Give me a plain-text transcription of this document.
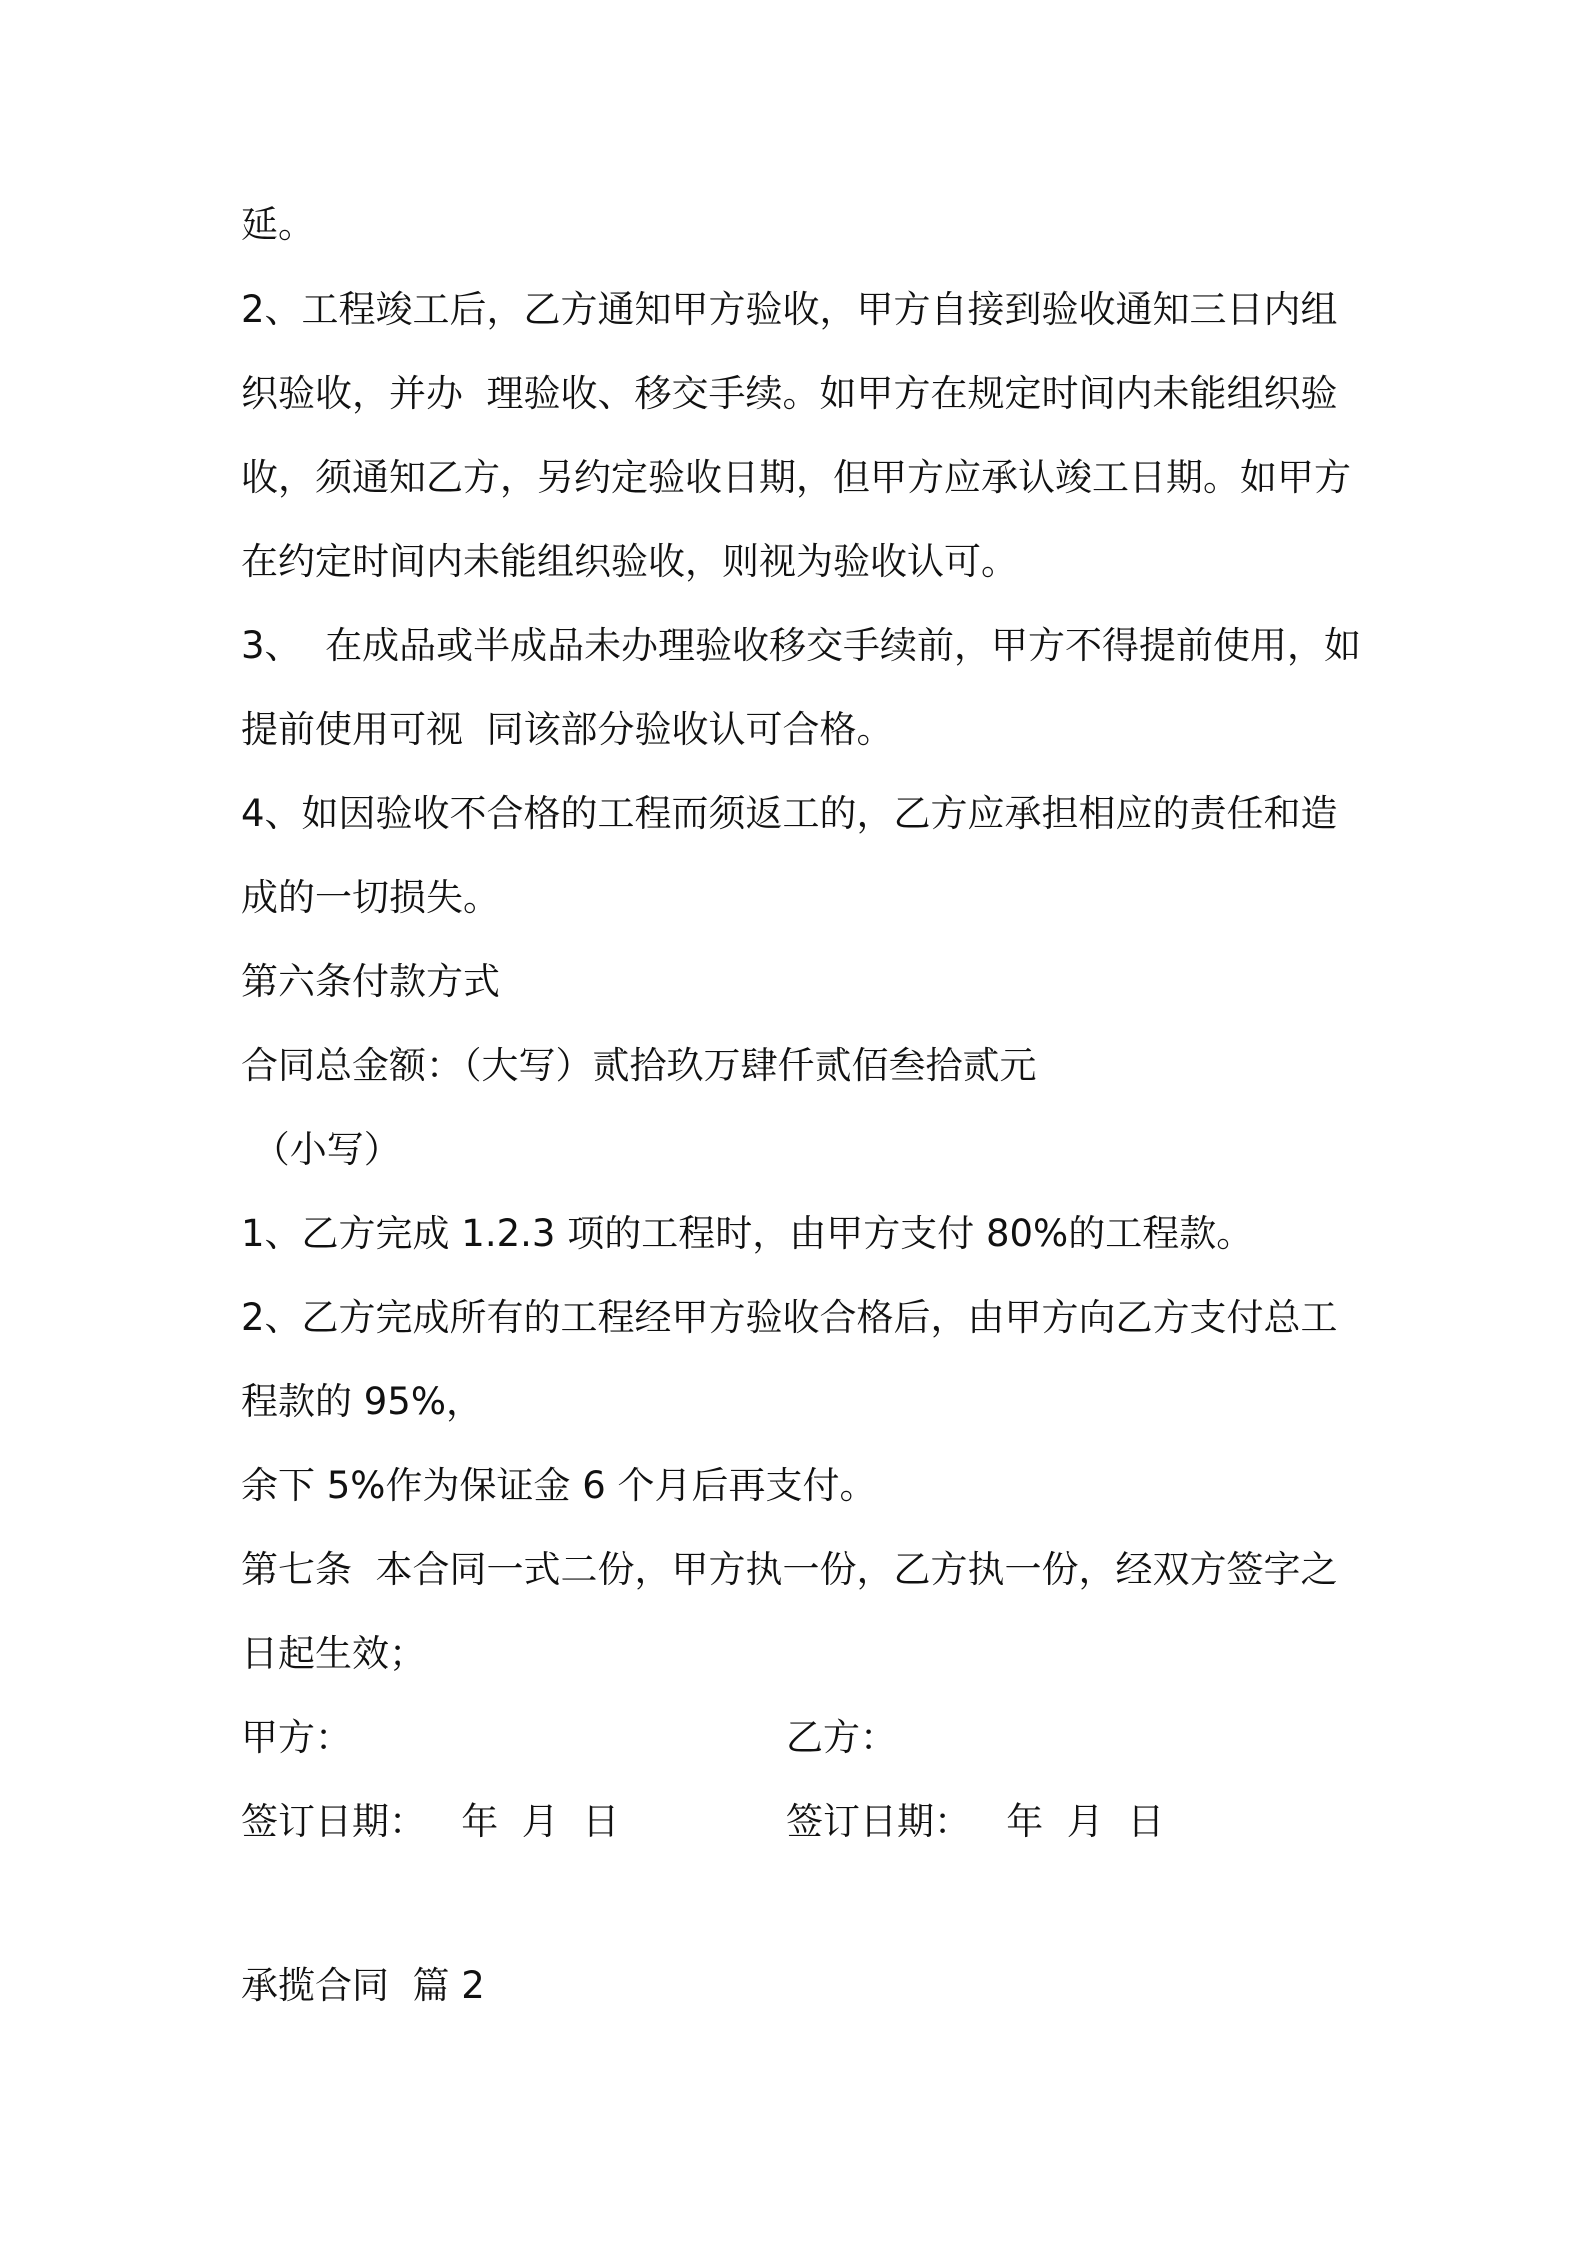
延。

2、工程竣工后，乙方通知甲方验收，甲方自接到验收通知三日内组

织验收，并办  理验收、移交手续。如甲方在规定时间内未能组织验

收，须通知乙方，另约定验收日期，但甲方应承认竣工日期。如甲方

在约定时间内未能组织验收，则视为验收认可。

3、  在成品或半成品未办理验收移交手续前，甲方不得提前使用，如

提前使用可视  同该部分验收认可合格。

4、如因验收不合格的工程而须返工的，乙方应承担相应的责任和造

成的一切损失。

第六条付款方式

合同总金额：（大写）贰拾玖万肆仟贰佰叁拾贰元

（小写）

1、乙方完成 1.2.3 项的工程时，由甲方支付 80%的工程款。

2、乙方完成所有的工程经甲方验收合格后，由甲方向乙方支付总工

程款的 95%，

余下 5%作为保证金 6 个月后再支付。

第七条  本合同一式二份，甲方执一份，乙方执一份，经双方签字之

日起生效；

甲方：	乙方：

签订日期：   年  月  日	签订日期：   年  月  日

承揽合同  篇 2
